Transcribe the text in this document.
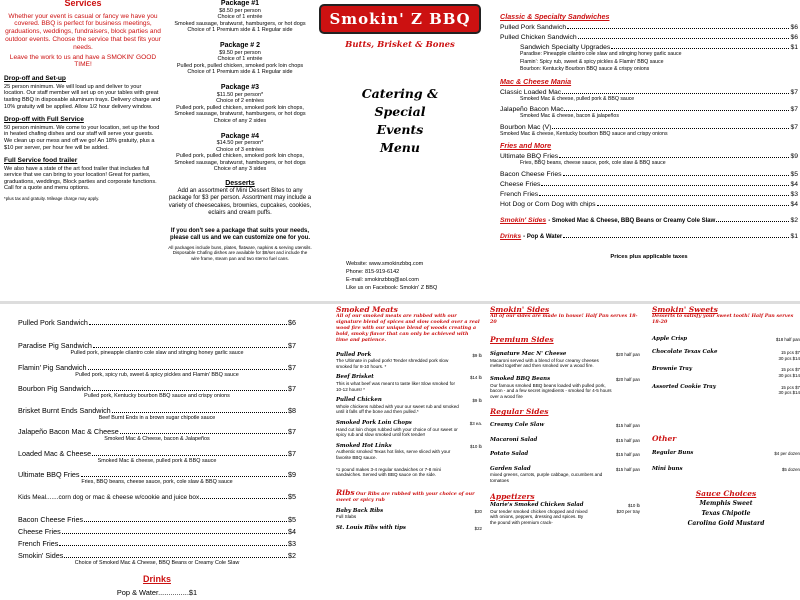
Services
Whether your event is casual or fancy we have you covered. BBQ is perfect for business meetings, graduations, weddings, fundraisers, block parties and outdoor events. Choose the service that best fits your needs.
Leave the work to us and have a SMOKIN' GOOD TIME!
Drop-off and Set-up

25 person minimum. We will load up and deliver to your location. Our staff member will set up on your tables with great tasting BBQ in disposable aluminum trays. Delivery charge and 10% gratuity will be applied. Allow 1/2 hour delivery window.

Drop-off with Full Service

50 person minimum. We come to your location, set up the food in heated chafing dishes and our staff will serve your guests. We clean up our mess and off we go! An 18% gratuity, plus a $10 per server, per hour fee will be added.

Full Service food trailer

We also have a state of the art food trailer that includes full service that we can bring to your location! Great for parties, graduations, weddings, Block parties and corporate functions. Call for a quote and menu options.

*plus tax and gratuity. Mileage charge may apply.

Package #1
$8.50 per person
Choice of 1 entrée
Smoked sausage, bratwurst, hamburgers, or hot dogs
Choice of 1 Premium side & 1 Regular side
Package # 2
$9.50 per person
Choice of 1 entrée
Pulled pork, pulled chicken, smoked pork loin chops
Choice of 1 Premium side & 1 Regular side
Package #3
$11.50 per person*
Choice of 2 entrées
Pulled pork, pulled chicken, smoked pork loin chops, Smoked sausage, bratwurst, hamburgers, or hot dogs
Choice of any 2 sides
Package #4
$14.50 per person*
Choice of 3 entrées
Pulled pork, pulled chicken, smoked pork loin chops, Smoked sausage, bratwurst, hamburgers, or hot dogs
Choice of any 3 sides
Desserts
Add an assortment of Mini Dessert Bites to any package for $3 per person. Assortment may include a variety of cheesecakes, brownies, cupcakes, cookies, eclairs and cream puffs.
If you don't see a package that suits your needs, please call us and we can customize one for you.
All packages include buns, plates, flatware, napkins & serving utensils. Disposable Chafing dishes are available for $8/set and include the wire frame, steam pan and two sterno fuel cans.
Smokin' Z BBQ
Butts, Brisket & Bones
Catering &
Special
Events
Menu
Website: www.smokinzbbq.com
Phone: 815-919-6142
E-mail: smokinzbbq@aol.com
Like us on Facebook: Smokin' Z BBQ
Classic & Specialty Sandwiches
Pulled Pork Sandwich	$6
Pulled Chicken Sandwich	$6
Sandwich Specialty Upgrades	$1
Paradise: Pineapple cilantro cole slaw and stinging honey garlic sauce
Flamin': Spicy rub, sweet & spicy pickles & Flamin' BBQ sauce
Bourbon: Kentucky Bourbon BBQ sauce & crispy onions
Mac & Cheese Mania
Classic Loaded Mac	$7
Smoked Mac & cheese, pulled pork & BBQ sauce
Jalapeño Bacon Mac	$7
Smoked Mac & cheese, bacon & jalapeños
Bourbon Mac (V)	$7
Smoked Mac & cheese, Kentucky bourbon BBQ sauce and crispy onions
Fries and More
Ultimate BBQ Fries	$9
Fries, BBQ beans, cheese sauce, pork, cole slaw & BBQ sauce
Bacon Cheese Fries	$5
Cheese Fries	$4
French Fries	$3
Hot Dog or Corn Dog with chips	$4
Smokin' Sides - Smoked Mac & Cheese, BBQ Beans or Creamy Cole Slaw	$2
Drinks - Pop & Water	$1
Prices plus applicable taxes
Pulled Pork Sandwich	$6
Paradise Pig Sandwich	$7
Pulled pork, pineapple cilantro cole slaw and stinging honey garlic sauce
Flamin' Pig Sandwich	$7
Pulled pork, spicy rub, sweet & spicy pickles and Flamin' BBQ sauce
Bourbon Pig Sandwich	$7
Pulled pork, Kentucky bourbon BBQ sauce and crispy onions
Brisket Burnt Ends Sandwich	$8
Beef Burnt Ends in a brown sugar chipotle sauce
Jalapeño Bacon Mac & Cheese	$7
Smoked Mac & Cheese, bacon & Jalapeños
Loaded Mac & Cheese	$7
Smoked Mac & cheese, pulled pork & BBQ sauce
Ultimate BBQ Fries	$9
Fries, BBQ beans, cheese sauce, pork, cole slaw & BBQ sauce
Kids Meal.......corn dog or mac & cheese w/cookie and juice box	$5
Bacon Cheese Fries	$5
Cheese Fries	$4
French Fries	$3
Smokin' Sides	$2
Choice of Smoked Mac & Cheese, BBQ Beans or Creamy Cole Slaw
Drinks
Pop & Water...............$1
Smoked Meats
All of our smoked meats are rubbed with our signature blend of spices and slow cooked over a real wood fire with our unique blend of woods creating a bold, smoky flavor that can only be achieved with time and patience.
Pulled Pork	$9 lb
The Ultimate in pulled pork! Tender shredded pork slow smoked for 8-10 hours. *
Beef Brisket	$14 lb
This is what beef was meant to taste like! Slow smoked for 10-12 hours! *
Pulled Chicken	$9 lb
Whole chickens rubbed with your our sweet rub and smoked until it falls off the bone and then pulled.*
Smoked Pork Loin Chops	$3 ea.
Hand cut loin chops rubbed with your choice of our sweet or spicy rub and slow smoked until fork tender!
Smoked Hot Links	$10 lb
Authentic smoked Texas hot links, serve sliced with your favorite BBQ sauce.
*1 pound makes 3-4 regular sandwiches or 7-8 mini sandwiches. Served with BBQ sauce on the side.
Ribs Our Ribs are rubbed with your choice of our sweet or spicy rub
Baby Back Ribs	$20
Full Slabs
St. Louis Ribs with tips	$22
Smokin' Sides
All of our sides are made in house! Half Pan serves 18-20
Premium Sides
Signature Mac N' Cheese	$20 half pan
Macaroni served with a blend of four creamy cheeses melted together and then smoked over a wood fire.
Smoked BBQ Beans	$20 half pan
Our famous smoked BBQ beans loaded with pulled pork, bacon - and a few secret ingredients - smoked for 4-5 hours over a wood fire
Regular Sides
Creamy Cole Slaw	$15 half pan
Macaroni Salad	$15 half pan
Potato Salad	$15 half pan
Garden Salad	$15 half pan
mixed greens, carrots, purple cabbage, cucumbers and tomatoes
Appetizers
Marie's Smoked Chicken Salad	$10 lb
Our tender smoked chicken chopped and mixed with onions, peppers, dressing and spices. By the pound with premium crack-
$20 per tray
Smokin' Sweets
Desserts to satisfy your sweet tooth! Half Pan serves 18-20
Apple Crisp	$18 half pan
Chocolate Texas Cake	15 pcs $7
30 pcs $14
Brownie Tray	15 pcs $7
30 pcs $14
Assorted Cookie Tray	15 pcs $7
30 pcs $14
Other
Regular Buns	$4 per dozen
Mini buns	$5 dozen
Sauce Choices
Memphis Sweet
Texas Chipotle
Carolina Gold Mustard
